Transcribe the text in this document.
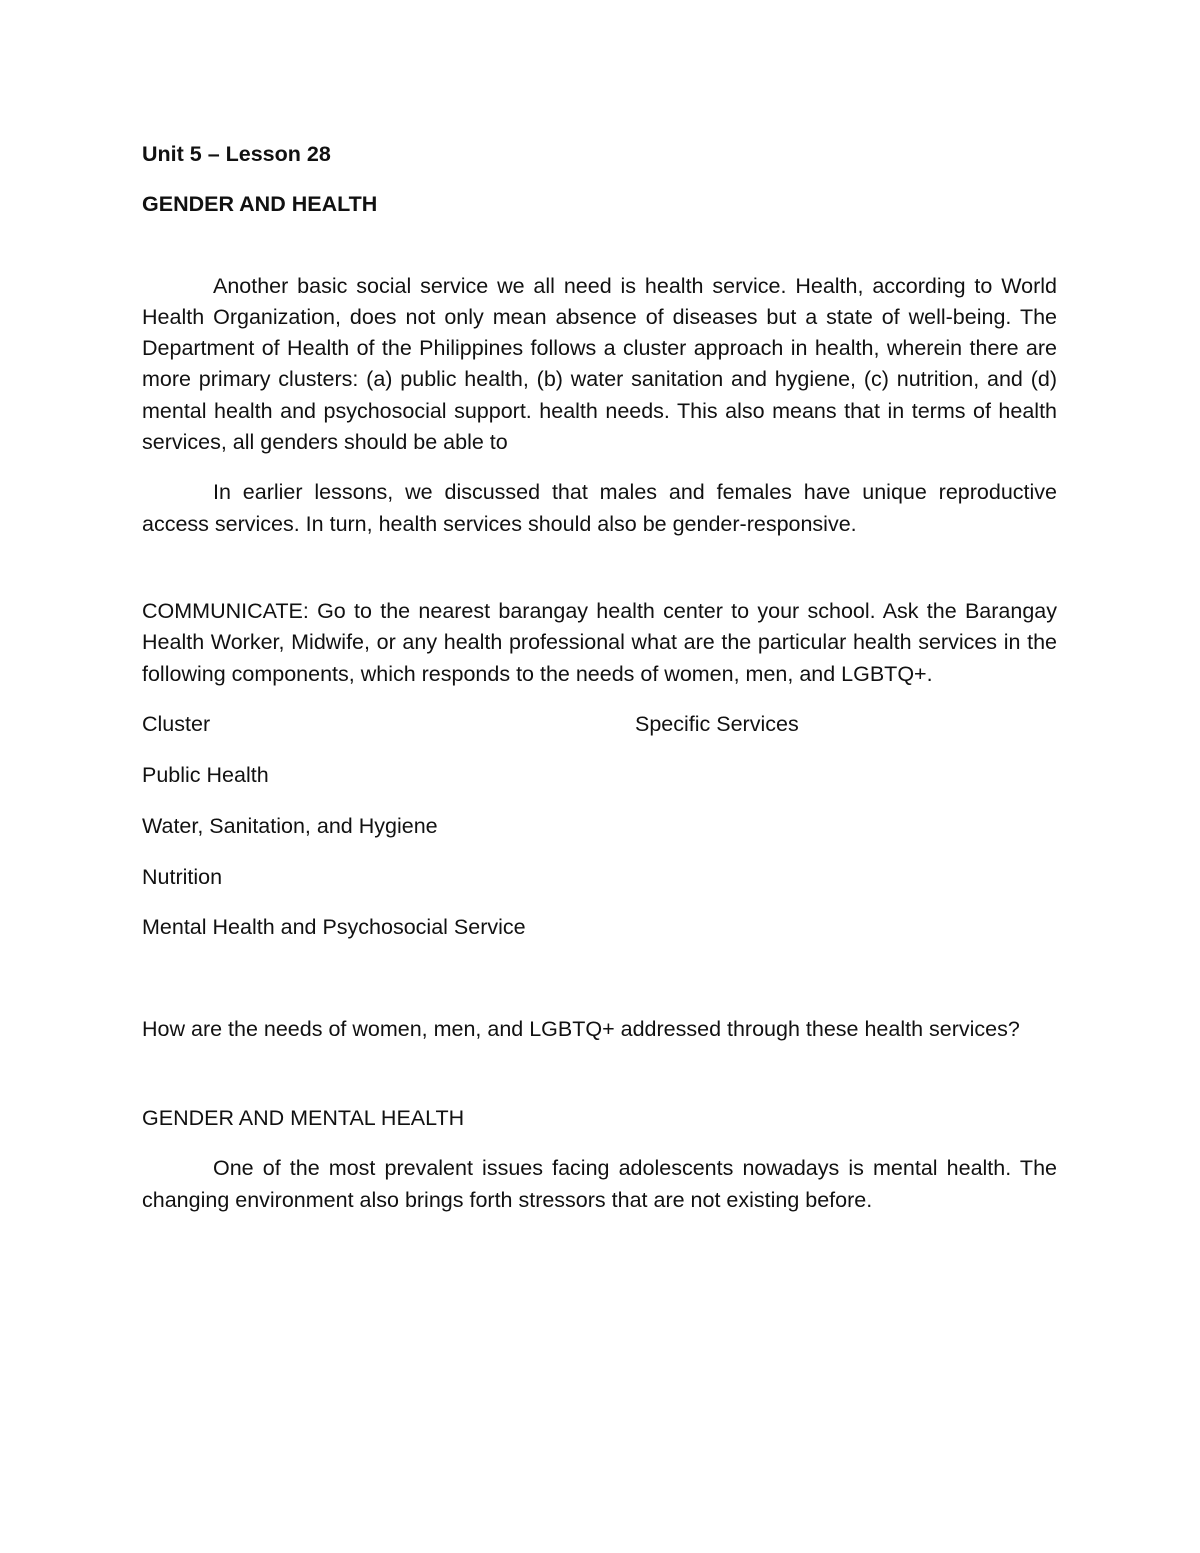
Unit 5 – Lesson 28

GENDER AND HEALTH

Another basic social service we all need is health service. Health, according to World Health Organization, does not only mean absence of diseases but a state of well-being. The Department of Health of the Philippines follows a cluster approach in health, wherein there are more primary clusters: (a) public health, (b) water sanitation and hygiene, (c) nutrition, and (d) mental health and psychosocial support. health needs. This also means that in terms of health services, all genders should be able to

In earlier lessons, we discussed that males and females have unique reproductive access services. In turn, health services should also be gender-responsive.

COMMUNICATE: Go to the nearest barangay health center to your school. Ask the Barangay Health Worker, Midwife, or any health professional what are the particular health services in the following components, which responds to the needs of women, men, and LGBTQ+.

Cluster	Specific Services

Public Health

Water, Sanitation, and Hygiene

Nutrition

Mental Health and Psychosocial Service

How are the needs of women, men, and LGBTQ+ addressed through these health services?

GENDER AND MENTAL HEALTH

One of the most prevalent issues facing adolescents nowadays is mental health. The changing environment also brings forth stressors that are not existing before.
